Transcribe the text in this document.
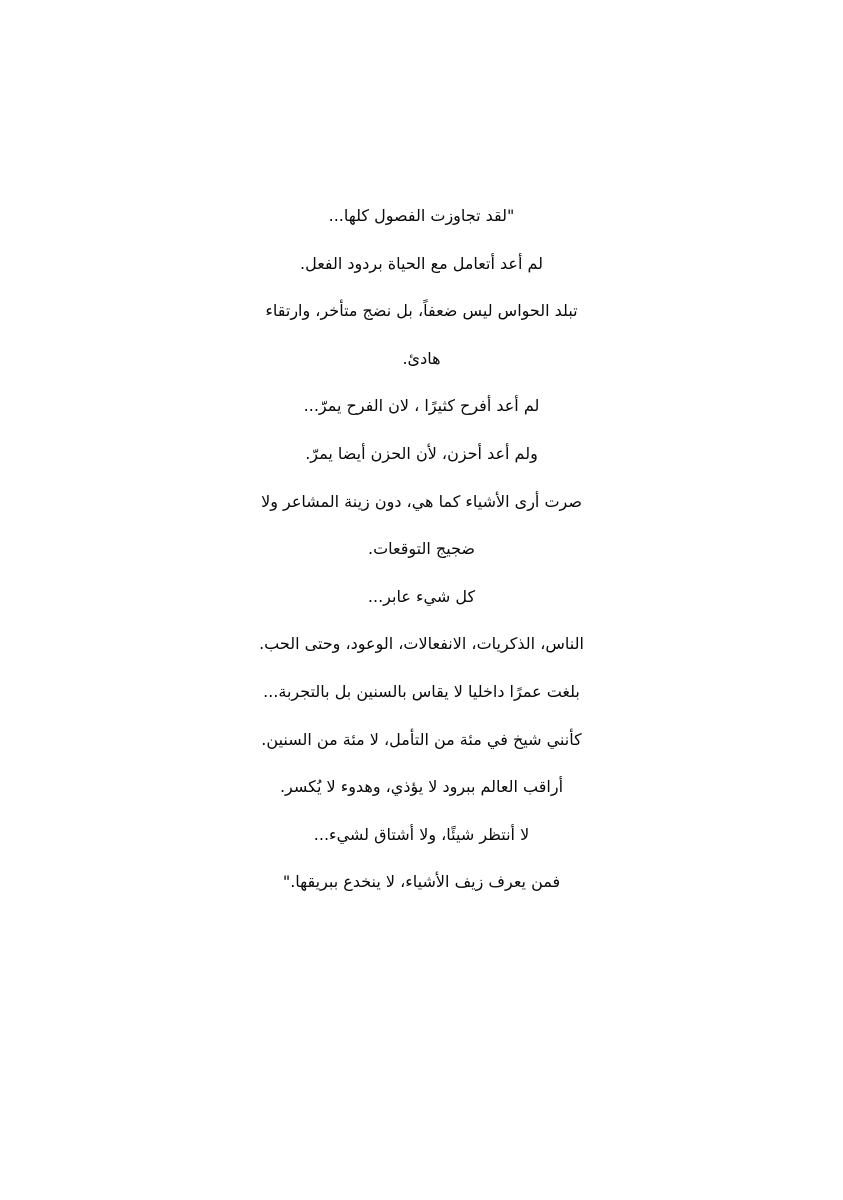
"لقد تجاوزت الفصول كلها...
لم أعد أتعامل مع الحياة بردود الفعل.
تبلد الحواس ليس ضعفاً، بل نضج متأخر، وارتقاء
هادئ.
لم أعد أفرح كثيرًا ، لان الفرح يمرّ...
ولم أعد أحزن، لأن الحزن أيضا يمرّ.
صرت أرى الأشياء كما هي، دون زينة المشاعر ولا
ضجيج التوقعات.
كل شيء عابر...
الناس، الذكريات، الانفعالات، الوعود، وحتى الحب.
بلغت عمرًا داخليا لا يقاس بالسنين بل بالتجربة...
كأنني شيخ في مئة من التأمل، لا مئة من السنين.
أراقب العالم ببرود لا يؤذي، وهدوء لا يُكسر.
لا أنتظر شيئًا، ولا أشتاق لشيء...
فمن يعرف زيف الأشياء، لا ينخدع ببريقها."
